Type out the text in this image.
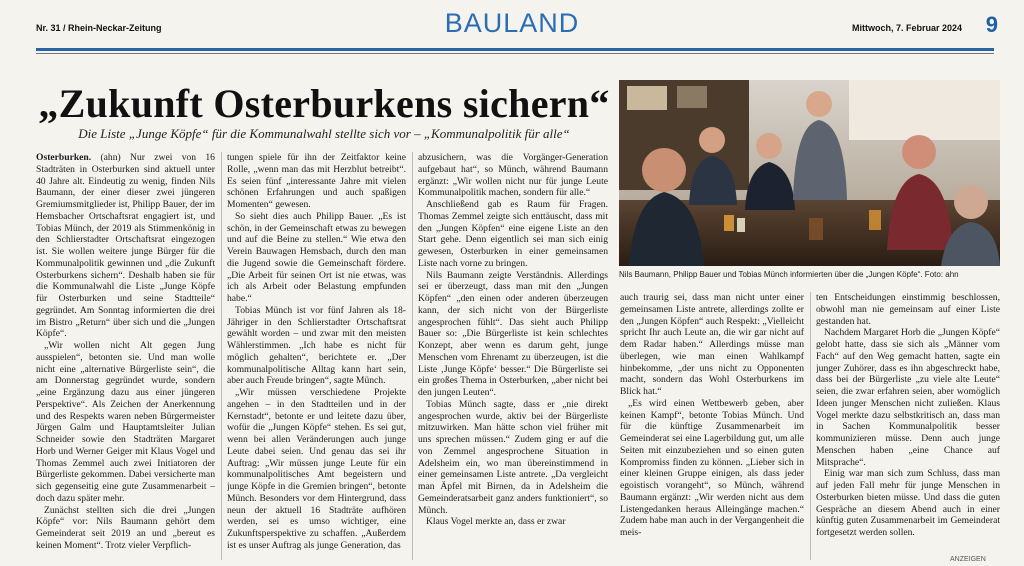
Nr. 31 / Rhein-Neckar-Zeitung	BAULAND	Mittwoch, 7. Februar 2024 9
„Zukunft Osterburkens sichern“
Die Liste „Junge Köpfe“ für die Kommunalwahl stellte sich vor – „Kommunalpolitik für alle“

Osterburken. (ahn) Nur zwei von 16 Stadträten in Osterburken sind aktuell unter 40 Jahre alt. Eindeutig zu wenig, finden Nils Baumann, der einer dieser zwei jüngeren Gremiumsmitglieder ist, Philipp Bauer, der im Hemsbacher Ortschaftsrat engagiert ist, und Tobias Münch, der 2019 als Stimmenkönig in den Schlierstadter Ortschaftsrat eingezogen ist. Sie wollen weitere junge Bürger für die Kommunalpolitik gewinnen und „die Zukunft Osterburkens sichern“. Deshalb haben sie für die Kommunalwahl die Liste „Junge Köpfe für Osterburken und seine Stadtteile“ gegründet. Am Sonntag informierten die drei im Bistro „Return“ über sich und die „Jungen Köpfe“.

„Wir wollen nicht Alt gegen Jung ausspielen“, betonten sie. Und man wolle nicht eine „alternative Bürgerliste sein“, die am Donnerstag gegründet wurde, sondern „eine Ergänzung dazu aus einer jüngeren Perspektive“. Als Zeichen der Anerkennung und des Respekts waren neben Bürgermeister Jürgen Galm und Hauptamtsleiter Julian Schneider sowie den Stadträten Margaret Horb und Werner Geiger mit Klaus Vogel und Thomas Zemmel auch zwei Initiatoren der Bürgerliste gekommen. Dabei versicherte man sich gegenseitig eine gute Zusammenarbeit – doch dazu später mehr.

Zunächst stellten sich die drei „Jungen Köpfe“ vor: Nils Baumann gehört dem Gemeinderat seit 2019 an und „bereut es keinen Moment“. Trotz vieler Verpflich-

tungen spiele für ihn der Zeitfaktor keine Rolle, „wenn man das mit Herzblut betreibt“. Es seien fünf „interessante Jahre mit vielen schönen Erfahrungen und auch spaßigen Momenten“ gewesen.

So sieht dies auch Philipp Bauer. „Es ist schön, in der Gemeinschaft etwas zu bewegen und auf die Beine zu stellen.“ Wie etwa den Verein Bauwagen Hemsbach, durch den man die Jugend sowie die Gemeinschaft fördere. „Die Arbeit für seinen Ort ist nie etwas, was ich als Arbeit oder Belastung empfunden habe.“

Tobias Münch ist vor fünf Jahren als 18-Jähriger in den Schlierstadter Ortschaftsrat gewählt worden – und zwar mit den meisten Wählerstimmen. „Ich habe es nicht für möglich gehalten“, berichtete er. „Der kommunalpolitische Alltag kann hart sein, aber auch Freude bringen“, sagte Münch.

„Wir müssen verschiedene Projekte angehen – in den Stadtteilen und in der Kernstadt“, betonte er und leitete dazu über, wofür die „Jungen Köpfe“ stehen. Es sei gut, wenn bei allen Veränderungen auch junge Leute dabei seien. Und genau das sei ihr Auftrag: „Wir müssen junge Leute für ein kommunalpolitisches Amt begeistern und junge Köpfe in die Gremien bringen“, betonte Münch. Besonders vor dem Hintergrund, dass neun der aktuell 16 Stadträte aufhören werden, sei es umso wichtiger, eine Zukunftsperspektive zu schaffen. „Außerdem ist es unser Auftrag als junge Generation, das

abzusichern, was die Vorgänger-Generation aufgebaut hat“, so Münch, während Baumann ergänzt: „Wir wollen nicht nur für junge Leute Kommunalpolitik machen, sondern für alle.“

Anschließend gab es Raum für Fragen. Thomas Zemmel zeigte sich enttäuscht, dass mit den „Jungen Köpfen“ eine eigene Liste an den Start gehe. Denn eigentlich sei man sich einig gewesen, Osterburken in einer gemeinsamen Liste nach vorne zu bringen.

Nils Baumann zeigte Verständnis. Allerdings sei er überzeugt, dass man mit den „Jungen Köpfen“ „den einen oder anderen überzeugen kann, der sich nicht von der Bürgerliste angesprochen fühlt“. Das sieht auch Philipp Bauer so: „Die Bürgerliste ist kein schlechtes Konzept, aber wenn es darum geht, junge Menschen vom Ehrenamt zu überzeugen, ist die Liste ‚Junge Köpfe‘ besser.“ Die Bürgerliste sei ein großes Thema in Osterburken, „aber nicht bei den jungen Leuten“.

Tobias Münch sagte, dass er „nie direkt angesprochen wurde, aktiv bei der Bürgerliste mitzuwirken. Man hätte schon viel früher mit uns sprechen müssen.“ Zudem ging er auf die von Zemmel angesprochene Situation in Adelsheim ein, wo man übereinstimmend in einer gemeinsamen Liste antrete. „Da vergleicht man Äpfel mit Birnen, da in Adelsheim die Gemeinderatsarbeit ganz anders funktioniert“, so Münch.

Klaus Vogel merkte an, dass er zwar

Nils Baumann, Philipp Bauer und Tobias Münch informierten über die „Jungen Köpfe“. Foto: ahn

auch traurig sei, dass man nicht unter einer gemeinsamen Liste antrete, allerdings zollte er den „Jungen Köpfen“ auch Respekt: „Vielleicht spricht Ihr auch Leute an, die wir gar nicht auf dem Radar haben.“ Allerdings müsse man überlegen, wie man einen Wahlkampf hinbekomme, „der uns nicht zu Opponenten macht, sondern das Wohl Osterburkens im Blick hat.“

„Es wird einen Wettbewerb geben, aber keinen Kampf“, betonte Tobias Münch. Und für die künftige Zusammenarbeit im Gemeinderat sei eine Lagerbildung gut, um alle Seiten mit einzubeziehen und so einen guten Kompromiss finden zu können. „Lieber sich in einer kleinen Gruppe einigen, als dass jeder egoistisch vorangeht“, so Münch, während Baumann ergänzt: „Wir werden nicht aus dem Listengedanken heraus Alleingänge machen.“ Zudem habe man auch in der Vergangenheit die meis-

ten Entscheidungen einstimmig beschlossen, obwohl man nie gemeinsam auf einer Liste gestanden hat.

Nachdem Margaret Horb die „Jungen Köpfe“ gelobt hatte, dass sie sich als „Männer vom Fach“ auf den Weg gemacht hatten, sagte ein junger Zuhörer, dass es ihn abgeschreckt habe, dass bei der Bürgerliste „zu viele alte Leute“ seien, die zwar erfahren seien, aber womöglich Ideen junger Menschen nicht zuließen. Klaus Vogel merkte dazu selbstkritisch an, dass man in Sachen Kommunalpolitik besser kommunizieren müsse. Denn auch junge Menschen haben „eine Chance auf Mitsprache“.

Einig war man sich zum Schluss, dass man auf jeden Fall mehr für junge Menschen in Osterburken bieten müsse. Und dass die guten Gespräche an diesem Abend auch in einer künftig guten Zusammenarbeit im Gemeinderat fortgesetzt werden sollen.

ANZEIGEN
